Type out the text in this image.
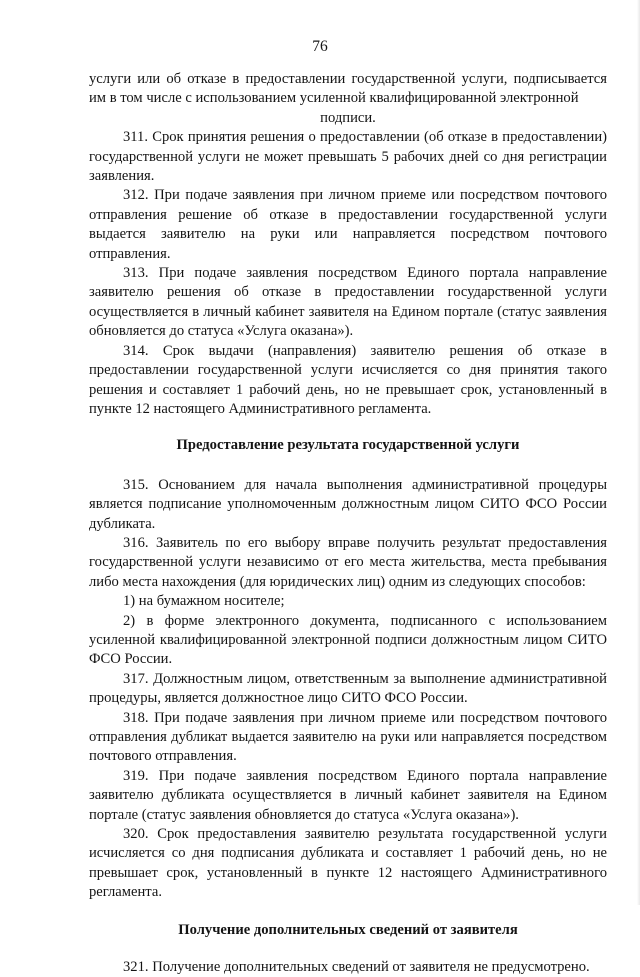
76

услуги или об отказе в предоставлении государственной услуги, подписывается им в том числе с использованием усиленной квалифицированной электронной

подписи.

311. Срок принятия решения о предоставлении (об отказе в предоставлении) государственной услуги не может превышать 5 рабочих дней со дня регистрации заявления.

312. При подаче заявления при личном приеме или посредством почтового отправления решение об отказе в предоставлении государственной услуги выдается заявителю на руки или направляется посредством почтового отправления.

313. При подаче заявления посредством Единого портала направление заявителю решения об отказе в предоставлении государственной услуги осуществляется в личный кабинет заявителя на Едином портале (статус заявления обновляется до статуса «Услуга оказана»).

314. Срок выдачи (направления) заявителю решения об отказе в предоставлении государственной услуги исчисляется со дня принятия такого решения и составляет 1 рабочий день, но не превышает срок, установленный в пункте 12 настоящего Административного регламента.

Предоставление результата государственной услуги

315. Основанием для начала выполнения административной процедуры является подписание уполномоченным должностным лицом СИТО ФСО России дубликата.

316. Заявитель по его выбору вправе получить результат предоставления государственной услуги независимо от его места жительства, места пребывания либо места нахождения (для юридических лиц) одним из следующих способов:

1) на бумажном носителе;

2) в форме электронного документа, подписанного с использованием усиленной квалифицированной электронной подписи должностным лицом СИТО ФСО России.

317. Должностным лицом, ответственным за выполнение административной процедуры, является должностное лицо СИТО ФСО России.

318. При подаче заявления при личном приеме или посредством почтового отправления дубликат выдается заявителю на руки или направляется посредством почтового отправления.

319. При подаче заявления посредством Единого портала направление заявителю дубликата осуществляется в личный кабинет заявителя на Едином портале (статус заявления обновляется до статуса «Услуга оказана»).

320. Срок предоставления заявителю результата государственной услуги исчисляется со дня подписания дубликата и составляет 1 рабочий день, но не превышает срок, установленный в пункте 12 настоящего Административного регламента.

Получение дополнительных сведений от заявителя

321. Получение дополнительных сведений от заявителя не предусмотрено.
